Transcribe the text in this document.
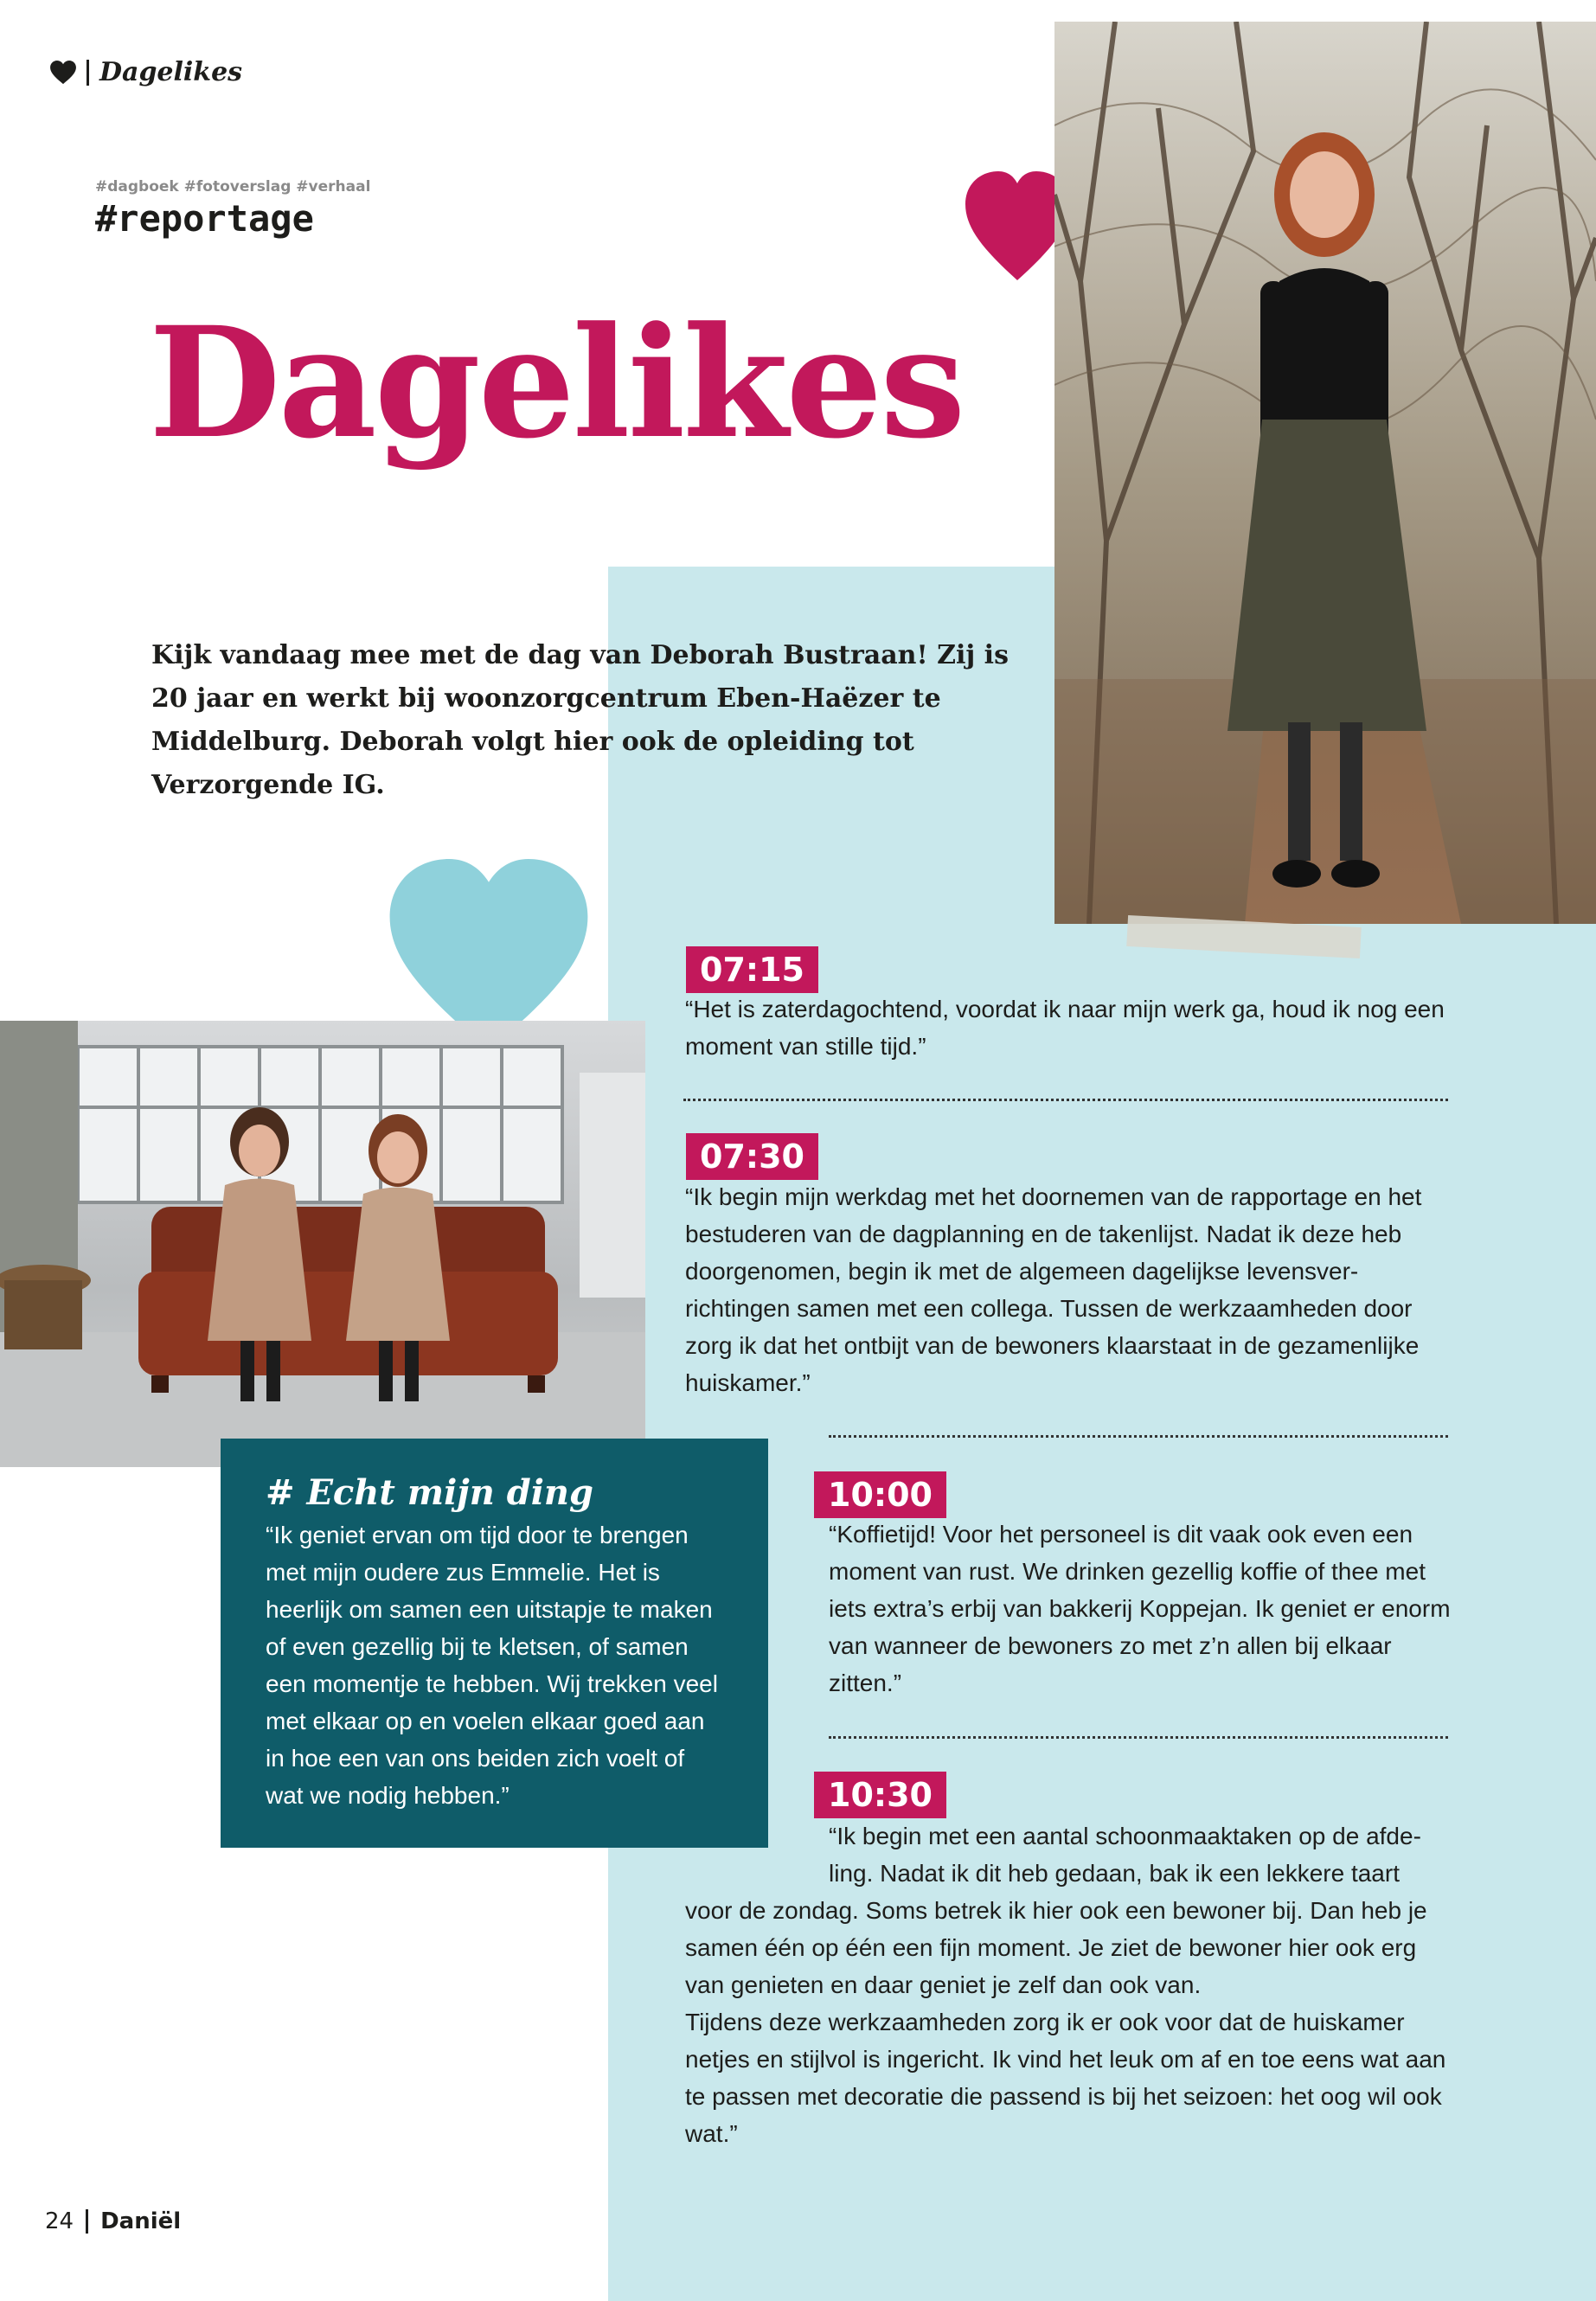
Dagelikes
#dagboek #fotoverslag #verhaal
#reportage
Dagelikes
Kijk vandaag mee met de dag van Deborah Bustraan! Zij is 20 jaar en werkt bij woonzorgcentrum Eben-Haëzer te Middelburg. Deborah volgt hier ook de opleiding tot Verzorgende IG.
07:15
“Het is zaterdagochtend, voordat ik naar mijn werk ga, houd ik nog een moment van stille tijd.”
07:30
“Ik begin mijn werkdag met het doornemen van de rapportage en het bestuderen van de dagplanning en de takenlijst. Nadat ik deze heb doorgenomen, begin ik met de algemeen dagelijkse levensverrichtingen samen met een collega. Tussen de werkzaamheden door zorg ik dat het ontbijt van de bewoners klaarstaat in de gezamenlijke huiskamer.”
10:00
“Koffietijd! Voor het personeel is dit vaak ook even een moment van rust. We drinken gezellig koffie of thee met iets extra’s erbij van bakkerij Koppejan. Ik geniet er enorm van wanneer de bewoners zo met z’n allen bij elkaar zitten.”
10:30
“Ik begin met een aantal schoonmaaktaken op de afdeling. Nadat ik dit heb gedaan, bak ik een lekkere taart voor de zondag. Soms betrek ik hier ook een bewoner bij. Dan heb je samen één op één een fijn moment. Je ziet de bewoner hier ook erg van genieten en daar geniet je zelf dan ook van.
Tijdens deze werkzaamheden zorg ik er ook voor dat de huiskamer netjes en stijlvol is ingericht. Ik vind het leuk om af en toe eens wat aan te passen met decoratie die passend is bij het seizoen: het oog wil ook wat.”
# Echt mijn ding
“Ik geniet ervan om tijd door te brengen met mijn oudere zus Emmelie. Het is heerlijk om samen een uitstapje te maken of even gezellig bij te kletsen, of samen een momentje te hebben. Wij trekken veel met elkaar op en voelen elkaar goed aan in hoe een van ons beiden zich voelt of wat we nodig hebben.”
24 Daniël
